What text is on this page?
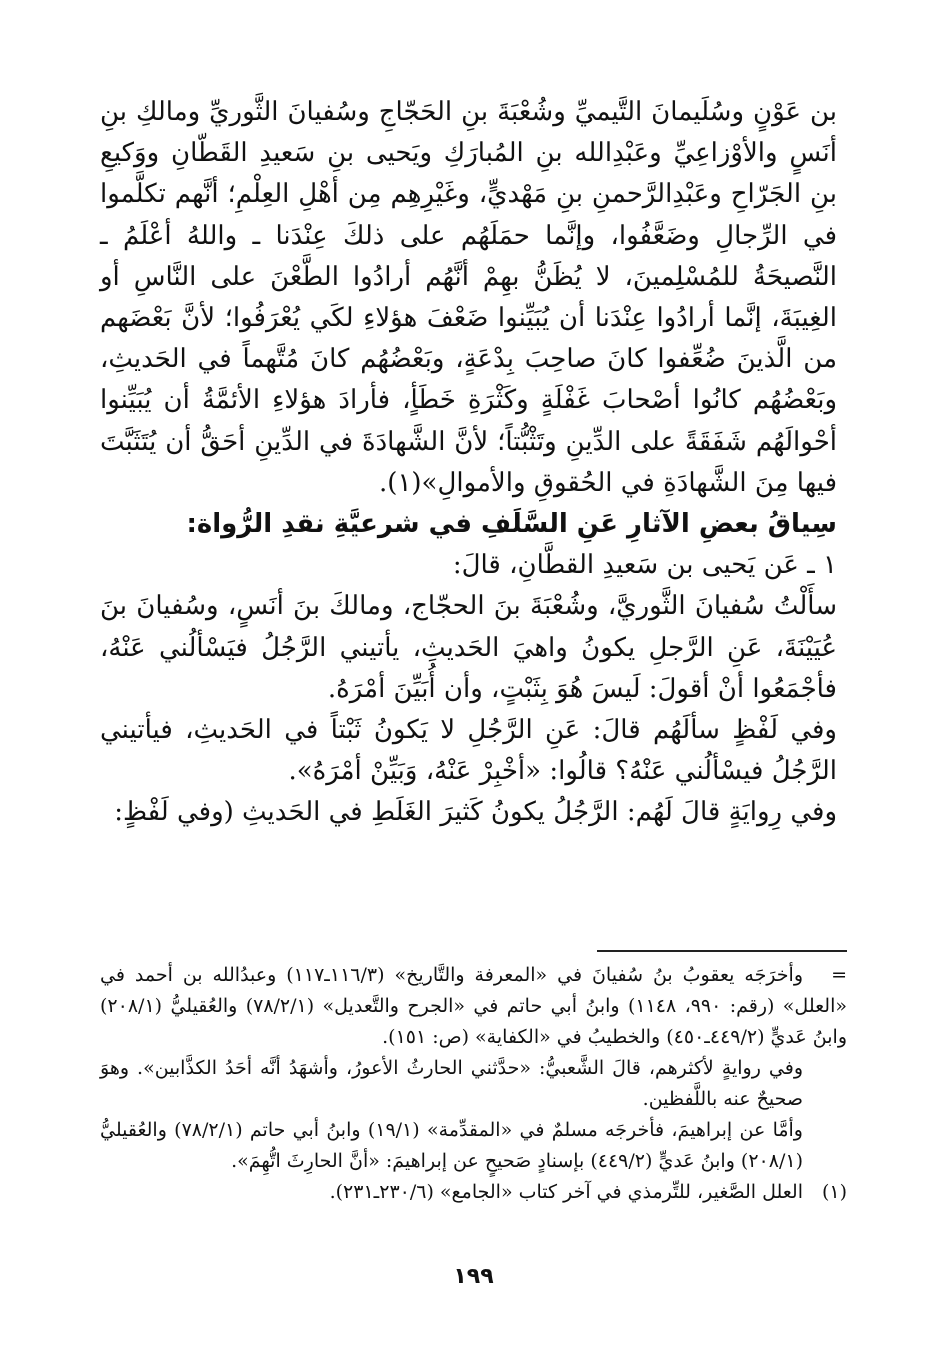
بن عَوْنٍ وسُلَيمانَ التَّيميِّ وشُعْبَةَ بنِ الحَجّاجِ وسُفيانَ الثَّوريِّ ومالكِ بنِ أنَسٍ والأوْزاعِيِّ وعَبْدِالله بنِ المُبارَكِ ويَحيى بنِ سَعيدِ القَطّانِ ووَكيعِ بنِ الجَرّاحِ وعَبْدِالرَّحمنِ بنِ مَهْديٍّ، وغَيْرِهِم مِن أهْلِ العِلْمِ؛ أنَّهم تكلَّموا في الرِّجالِ وضَعَّفُوا، وإنَّما حمَلَهُم على ذلكَ عِنْدَنا ـ واللهُ أعْلَمُ ـ النَّصيحَةُ للمُسْلِمينَ، لا يُظَنُّ بهِمْ أنَّهُم أرادُوا الطَّعْنَ على النَّاسِ أو الغِيبَةَ، إنَّما أرادُوا عِنْدَنا أن يُبَيِّنوا ضَعْفَ هؤلاءِ لكَي يُعْرَفُوا؛ لأنَّ بَعْضَهم من الَّذينَ ضُعِّفوا كانَ صاحِبَ بِدْعَةٍ، وبَعْضُهُم كانَ مُتَّهماً في الحَديثِ، وبَعْضُهُم كانُوا أصْحابَ غَفْلَةٍ وكَثْرَةِ خَطَأٍ، فأرادَ هؤلاءِ الأئمَّةُ أن يُبَيِّنوا أحْوالَهُم شَفَقَةً على الدِّينِ وتَثْبُّتاً؛ لأنَّ الشَّهادَةَ في الدِّينِ أحَقُّ أن يُتَثَبَّتَ فيها مِنَ الشَّهادَةِ في الحُقوقِ والأموالِ»(١).

سِياقُ بعضِ الآثارِ عَنِ السَّلَفِ في شرعيَّةِ نقدِ الرُّواة:

١ ـ عَن يَحيى بن سَعيدِ القطَّانِ، قالَ:

سأَلْتُ سُفيانَ الثَّوريَّ، وشُعْبَةَ بنَ الحجّاج، ومالكَ بنَ أنَسٍ، وسُفيانَ بنَ عُيَيْنَةَ، عَنِ الرَّجلِ يكونُ واهيَ الحَديثِ، يأتيني الرَّجُلُ فيَسْألُني عَنْهُ، فأجْمَعُوا أنْ أقولَ: لَيسَ هُوَ بِثَبْتٍ، وأن أُبَيِّنَ أمْرَهُ.

وفي لَفْظٍ سألَهُم قالَ: عَنِ الرَّجُلِ لا يَكونُ ثَبْتاً في الحَديثِ، فيأتيني الرَّجُلُ فيسْألُني عَنْهُ؟ قالُوا: «أخْبِرْ عَنْهُ، وَبَيِّنْ أمْرَهُ».

وفي رِوايَةٍ قالَ لَهُم: الرَّجُلُ يكونُ كَثيرَ الغَلَطِ في الحَديثِ (وفي لَفْظٍ:

=وأخرَجَه يعقوبُ بنُ سُفيانَ في «المعرفة والتَّاريخ» (١١٦/٣ـ١١٧) وعبدُالله بن أحمد في «العلل» (رقم: ٩٩٠، ١١٤٨) وابنُ أبي حاتم في «الجرح والتَّعديل» (٧٨/٢/١) والعُقيليُّ (٢٠٨/١) وابنُ عَديٍّ (٤٤٩/٢ـ٤٥٠) والخطيبُ في «الكفاية» (ص: ١٥١).

وفي روايةٍ لأكثرهم، قالَ الشَّعبيُّ: «حدَّثني الحارثُ الأعورُ، وأشهَدُ أنَّه أحَدُ الكذَّابين». وهوَ صحيحٌ عنه باللَّفظين.

وأمَّا عن إبراهيمَ، فأخرجَه مسلمٌ في «المقدِّمة» (١٩/١) وابنُ أبي حاتم (٧٨/٢/١) والعُقيليُّ (٢٠٨/١) وابنُ عَديٍّ (٤٤٩/٢) بإسنادٍ صَحيحٍ عن إبراهيمَ: «أنَّ الحارِثَ اتُّهِمَ».

(١)العلل الصَّغير، للتِّرمذي في آخر كتاب «الجامع» (٢٣٠/٦ـ٢٣١).

١٩٩
